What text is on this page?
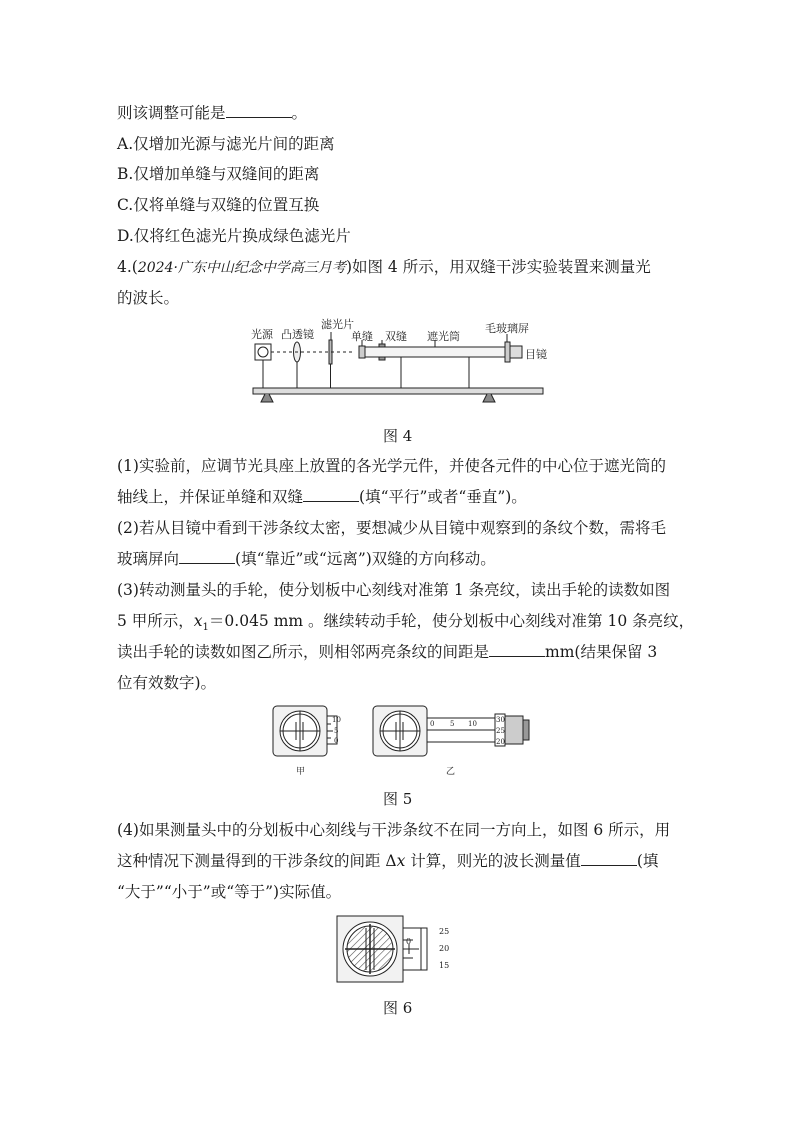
则该调整可能是	。
A.仅增加光源与滤光片间的距离
B.仅增加单缝与双缝间的距离
C.仅将单缝与双缝的位置互换
D.仅将红色滤光片换成绿色滤光片
4.(2024·广东中山纪念中学高三月考)如图 4 所示，用双缝干涉实验装置来测量光
的波长。
光源 凸透镜
滤光片
单缝 双缝 遮光筒
毛玻璃屏
目镜
图 4
(1)实验前，应调节光具座上放置的各光学元件，并使各元件的中心位于遮光筒的
轴线上，并保证单缝和双缝	(填“平行”或者“垂直”)。
(2)若从目镜中看到干涉条纹太密，要想减少从目镜中观察到的条纹个数，需将毛
玻璃屏向	(填“靠近”或“远离”)双缝的方向移动。
(3)转动测量头的手轮，使分划板中心刻线对准第 1 条亮纹，读出手轮的读数如图
5 甲所示，$x_1=0.045$ mm 。继续转动手轮，使分划板中心刻线对准第 10 条亮纹，
读出手轮的读数如图乙所示，则相邻两亮条纹的间距是	mm(结果保留 3
位有效数字)。
10
5
0
0 5 10	30
25
20
甲	乙
图 5
(4)如果测量头中的分划板中心刻线与干涉条纹不在同一方向上，如图 6 所示，用
这种情况下测量得到的干涉条纹的间距 Δx 计算，则光的波长测量值	(填
“大于”“小于”或“等于”)实际值。
0
25
20
15
图 6
